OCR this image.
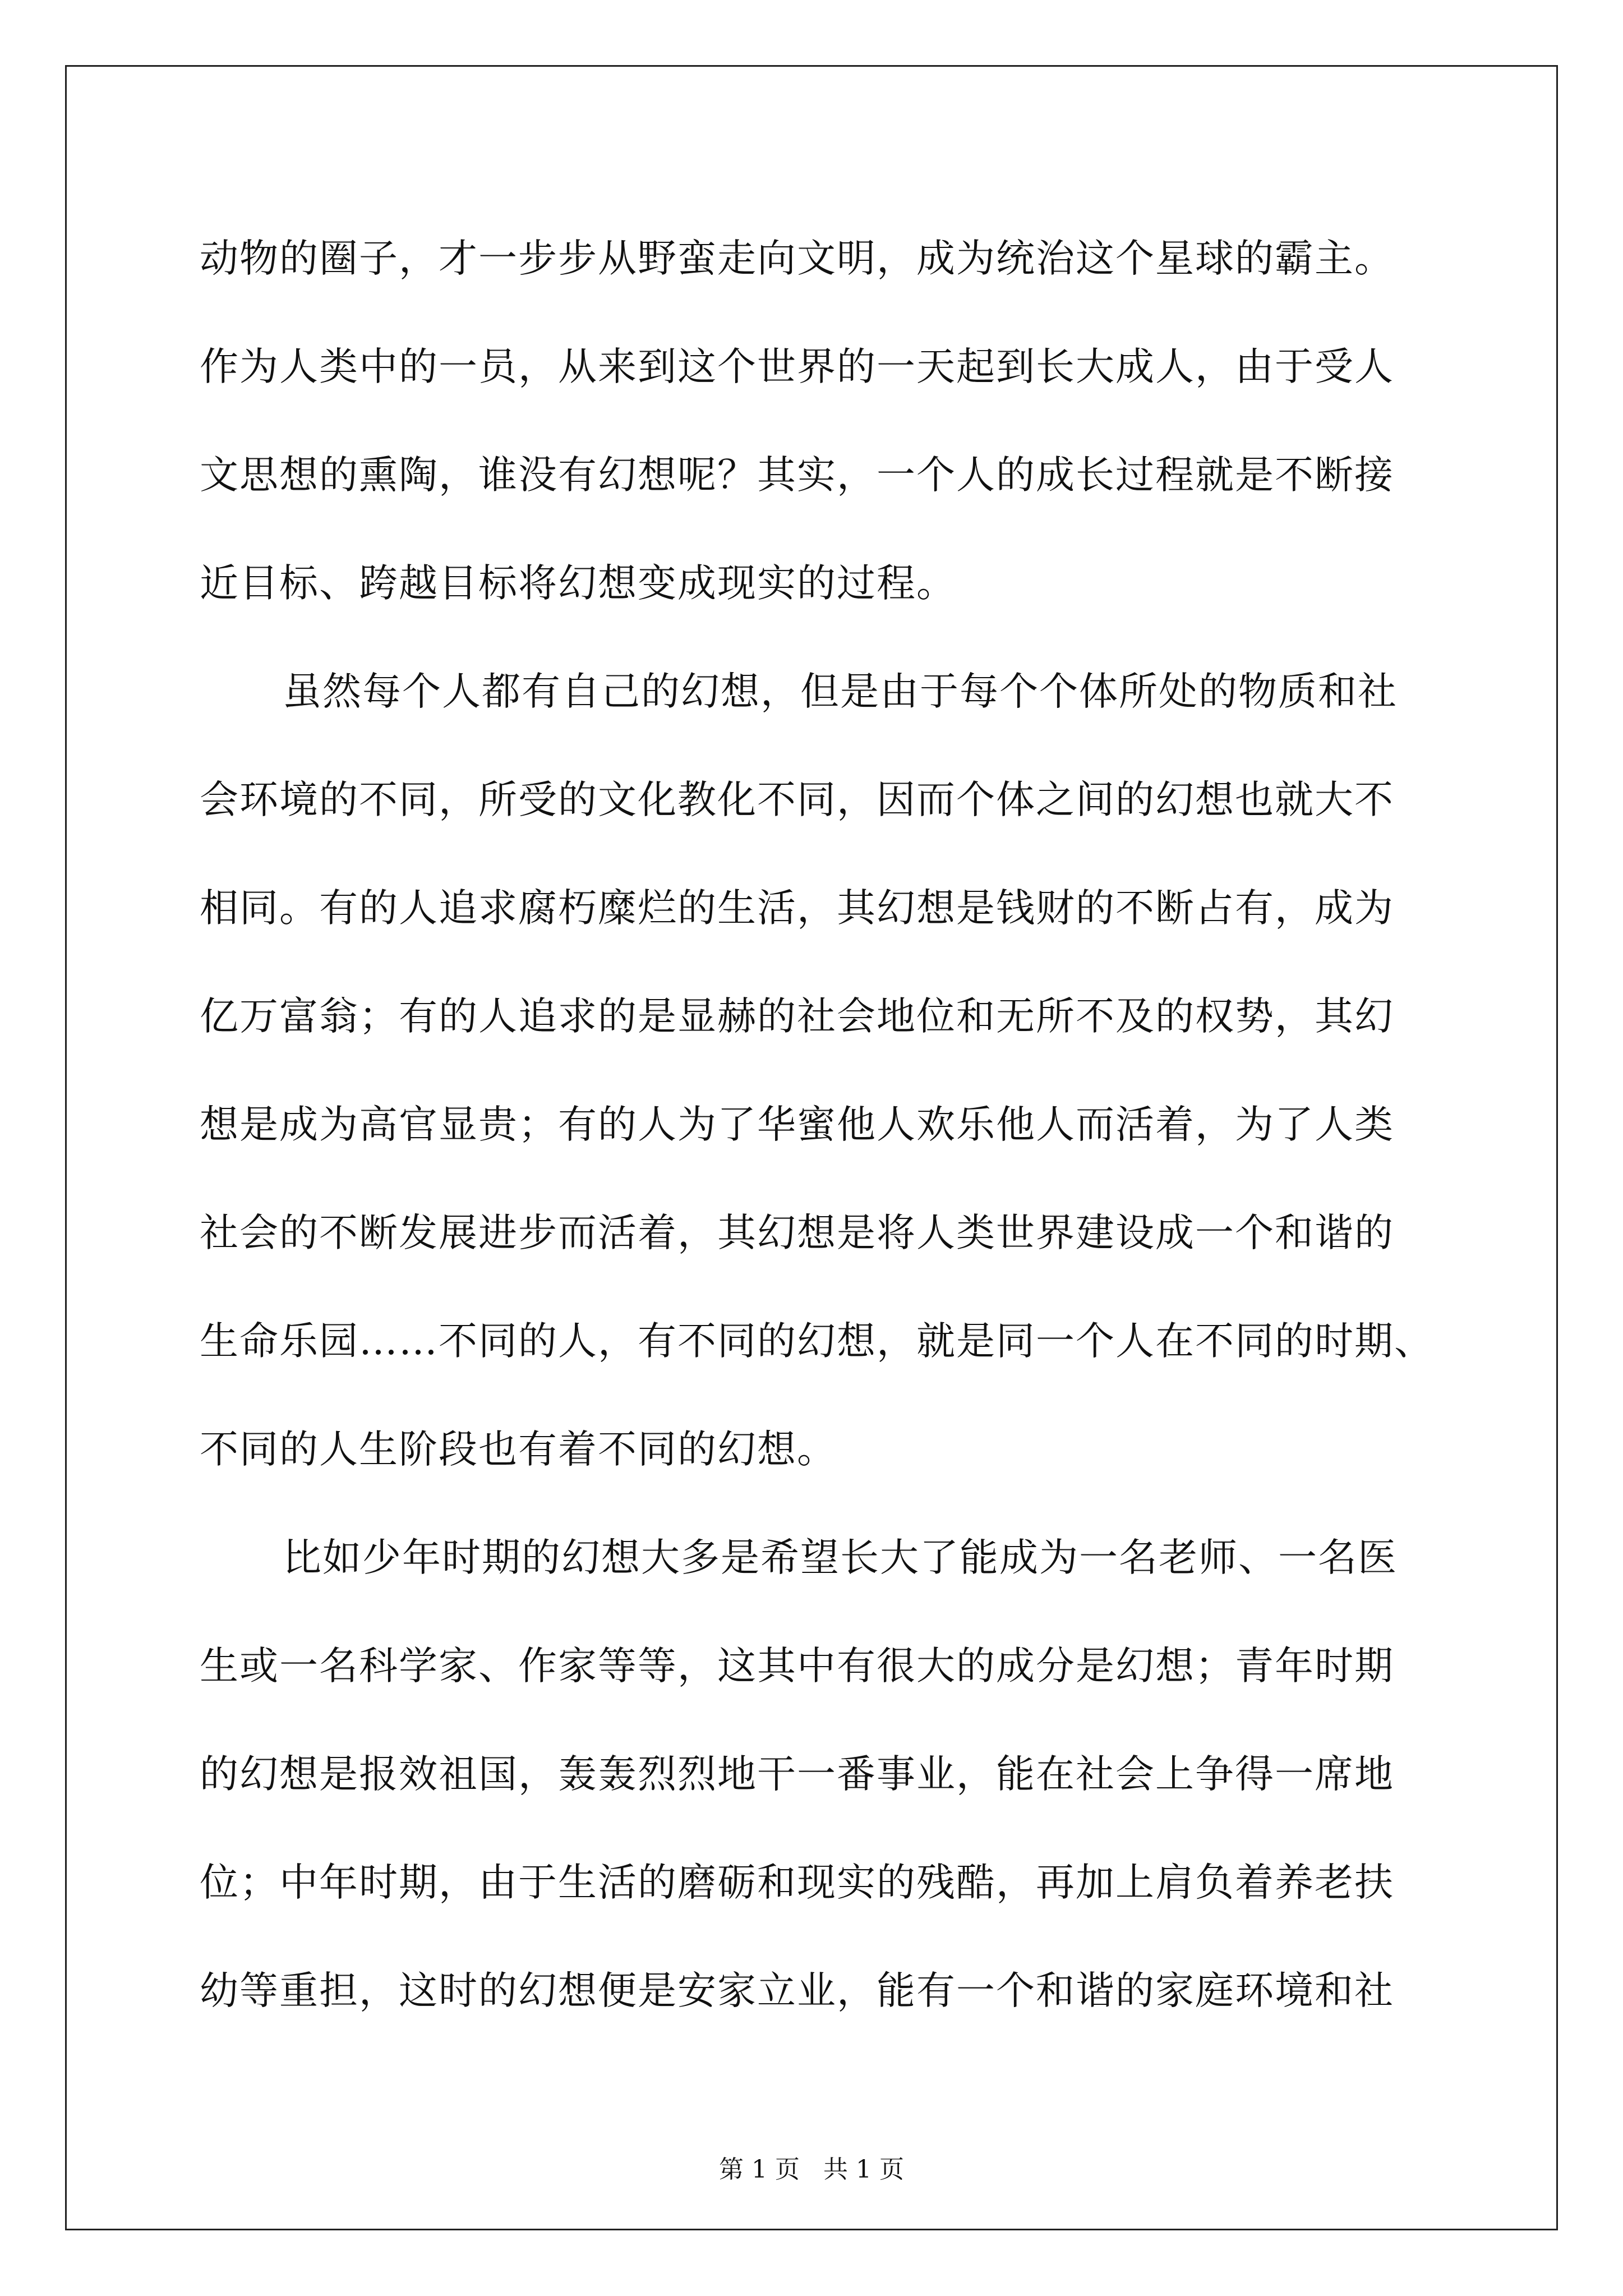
动物的圈子，才一步步从野蛮走向文明，成为统治这个星球的霸主。
作为人类中的一员，从来到这个世界的一天起到长大成人，由于受人
文思想的熏陶，谁没有幻想呢？其实，一个人的成长过程就是不断接
近目标、跨越目标将幻想变成现实的过程。
虽然每个人都有自己的幻想，但是由于每个个体所处的物质和社
会环境的不同，所受的文化教化不同，因而个体之间的幻想也就大不
相同。有的人追求腐朽糜烂的生活，其幻想是钱财的不断占有，成为
亿万富翁；有的人追求的是显赫的社会地位和无所不及的权势，其幻
想是成为高官显贵；有的人为了华蜜他人欢乐他人而活着，为了人类
社会的不断发展进步而活着，其幻想是将人类世界建设成一个和谐的
生命乐园……不同的人，有不同的幻想，就是同一个人在不同的时期、
不同的人生阶段也有着不同的幻想。
比如少年时期的幻想大多是希望长大了能成为一名老师、一名医
生或一名科学家、作家等等，这其中有很大的成分是幻想；青年时期
的幻想是报效祖国，轰轰烈烈地干一番事业，能在社会上争得一席地
位；中年时期，由于生活的磨砺和现实的残酷，再加上肩负着养老扶
幼等重担，这时的幻想便是安家立业，能有一个和谐的家庭环境和社
第 1 页 共 1 页
